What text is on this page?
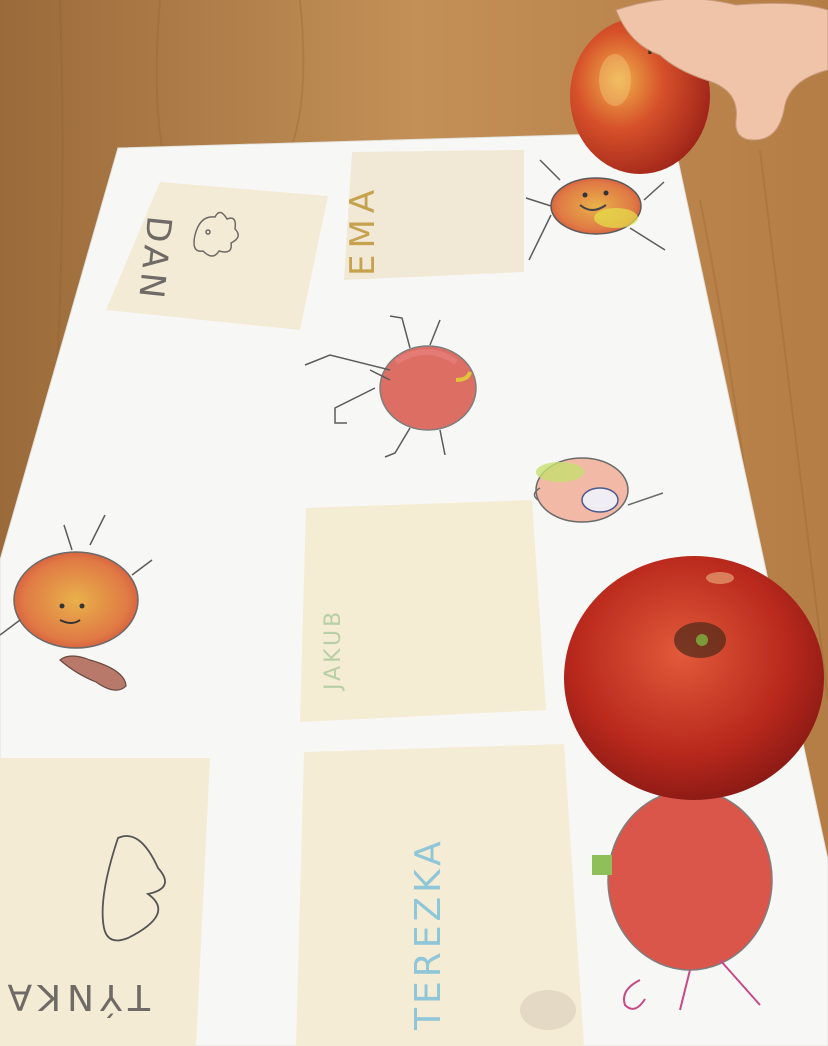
DAN	EMA
JAKUB
TÝNKA	TEREZKA
